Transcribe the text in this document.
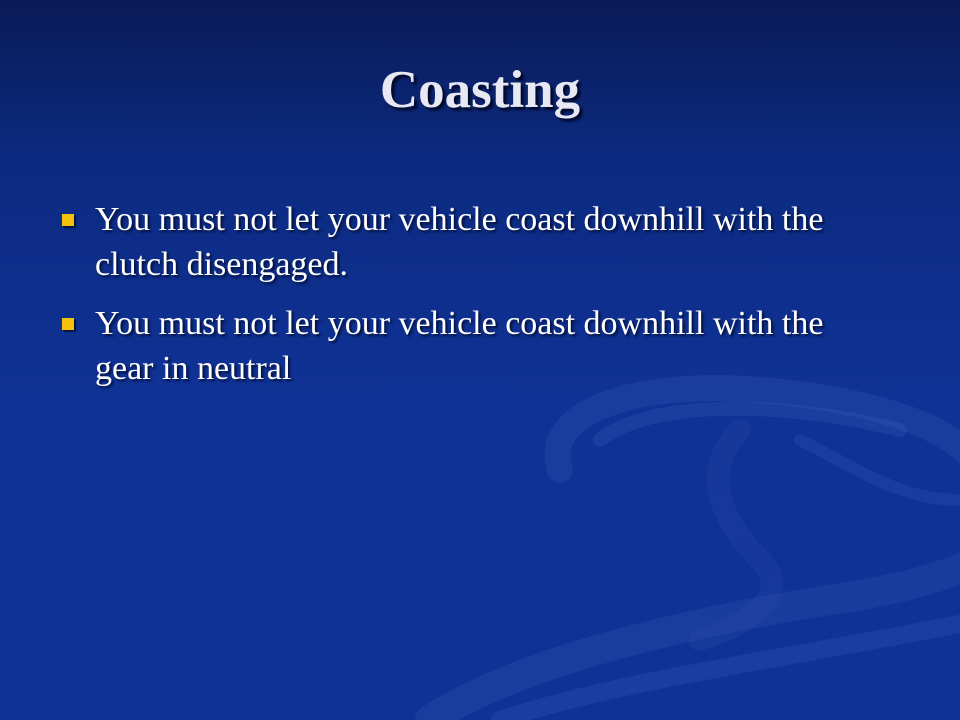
Coasting
You must not let your vehicle coast downhill with the clutch disengaged.
You must not let your vehicle coast downhill with the gear in neutral
